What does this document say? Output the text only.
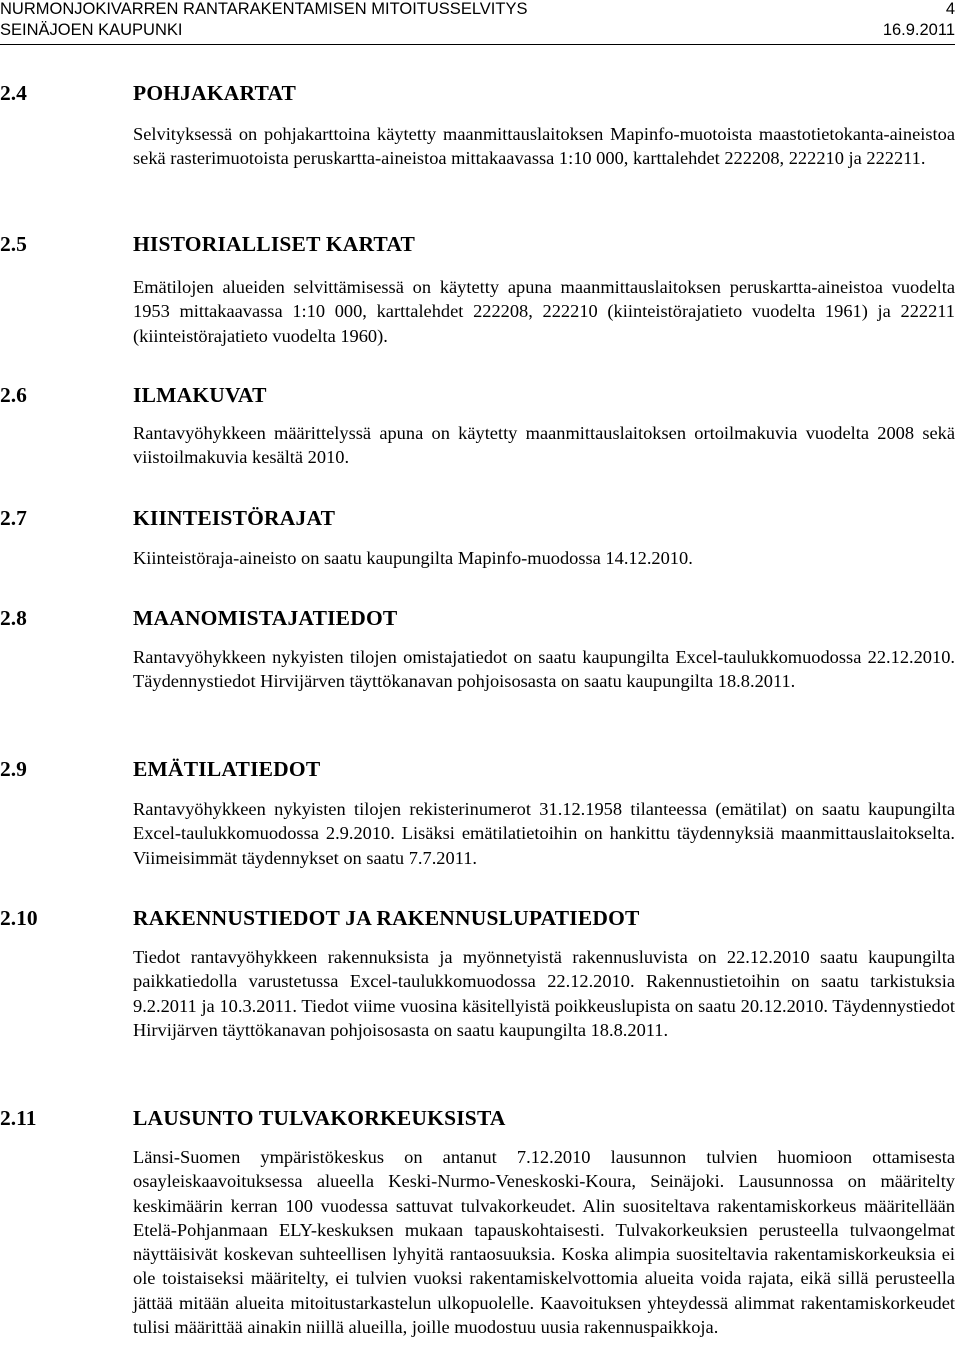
NURMONJOKIVARREN RANTARAKENTAMISEN MITOITUSSELVITYS	4
SEINÄJOEN KAUPUNKI	16.9.2011
2.4	POHJAKARTAT
Selvityksessä on pohjakarttoina käytetty maanmittauslaitoksen Mapinfo-muotoista maastotietokanta-aineistoa sekä rasterimuotoista peruskartta-aineistoa mittakaavassa 1:10 000, karttalehdet 222208, 222210 ja 222211.
2.5	HISTORIALLISET KARTAT
Emätilojen alueiden selvittämisessä on käytetty apuna maanmittauslaitoksen peruskartta-aineistoa vuodelta 1953 mittakaavassa 1:10 000, karttalehdet 222208, 222210 (kiinteistörajatieto vuodelta 1961) ja 222211 (kiinteistörajatieto vuodelta 1960).
2.6	ILMAKUVAT
Rantavyöhykkeen määrittelyssä apuna on käytetty maanmittauslaitoksen ortoilmakuvia vuodelta 2008 sekä viistoilmakuvia kesältä 2010.
2.7	KIINTEISTÖRAJAT
Kiinteistöraja-aineisto on saatu kaupungilta Mapinfo-muodossa 14.12.2010.
2.8	MAANOMISTAJATIEDOT
Rantavyöhykkeen nykyisten tilojen omistajatiedot on saatu kaupungilta Excel-taulukkomuodossa 22.12.2010. Täydennystiedot Hirvijärven täyttökanavan pohjoisosasta on saatu kaupungilta 18.8.2011.
2.9	EMÄTILATIEDOT
Rantavyöhykkeen nykyisten tilojen rekisterinumerot 31.12.1958 tilanteessa (emätilat) on saatu kaupungilta Excel-taulukkomuodossa 2.9.2010. Lisäksi emätilatietoihin on hankittu täydennyksiä maanmittauslaitokselta. Viimeisimmät täydennykset on saatu 7.7.2011.
2.10	RAKENNUSTIEDOT JA RAKENNUSLUPATIEDOT
Tiedot rantavyöhykkeen rakennuksista ja myönnetyistä rakennusluvista on 22.12.2010 saatu kaupungilta paikkatiedolla varustetussa Excel-taulukkomuodossa 22.12.2010. Rakennustietoihin on saatu tarkistuksia 9.2.2011 ja 10.3.2011. Tiedot viime vuosina käsitellyistä poikkeuslupista on saatu 20.12.2010. Täydennystiedot Hirvijärven täyttökanavan pohjoisosasta on saatu kaupungilta 18.8.2011.
2.11	LAUSUNTO TULVAKORKEUKSISTA
Länsi-Suomen ympäristökeskus on antanut 7.12.2010 lausunnon tulvien huomioon ottamisesta osayleiskaavoituksessa alueella Keski-Nurmo-Veneskoski-Koura, Seinäjoki. Lausunnossa on määritelty keskimäärin kerran 100 vuodessa sattuvat tulvakorkeudet. Alin suositeltava rakentamiskorkeus määritellään Etelä-Pohjanmaan ELY-keskuksen mukaan tapauskohtaisesti. Tulvakorkeuksien perusteella tulvaongelmat näyttäisivät koskevan suhteellisen lyhyitä rantaosuuksia. Koska alimpia suositeltavia rakentamiskorkeuksia ei ole toistaiseksi määritelty, ei tulvien vuoksi rakentamiskelvottomia alueita voida rajata, eikä sillä perusteella jättää mitään alueita mitoitustarkastelun ulkopuolelle. Kaavoituksen yhteydessä alimmat rakentamiskorkeudet tulisi määrittää ainakin niillä alueilla, joille muodostuu uusia rakennuspaikkoja.
